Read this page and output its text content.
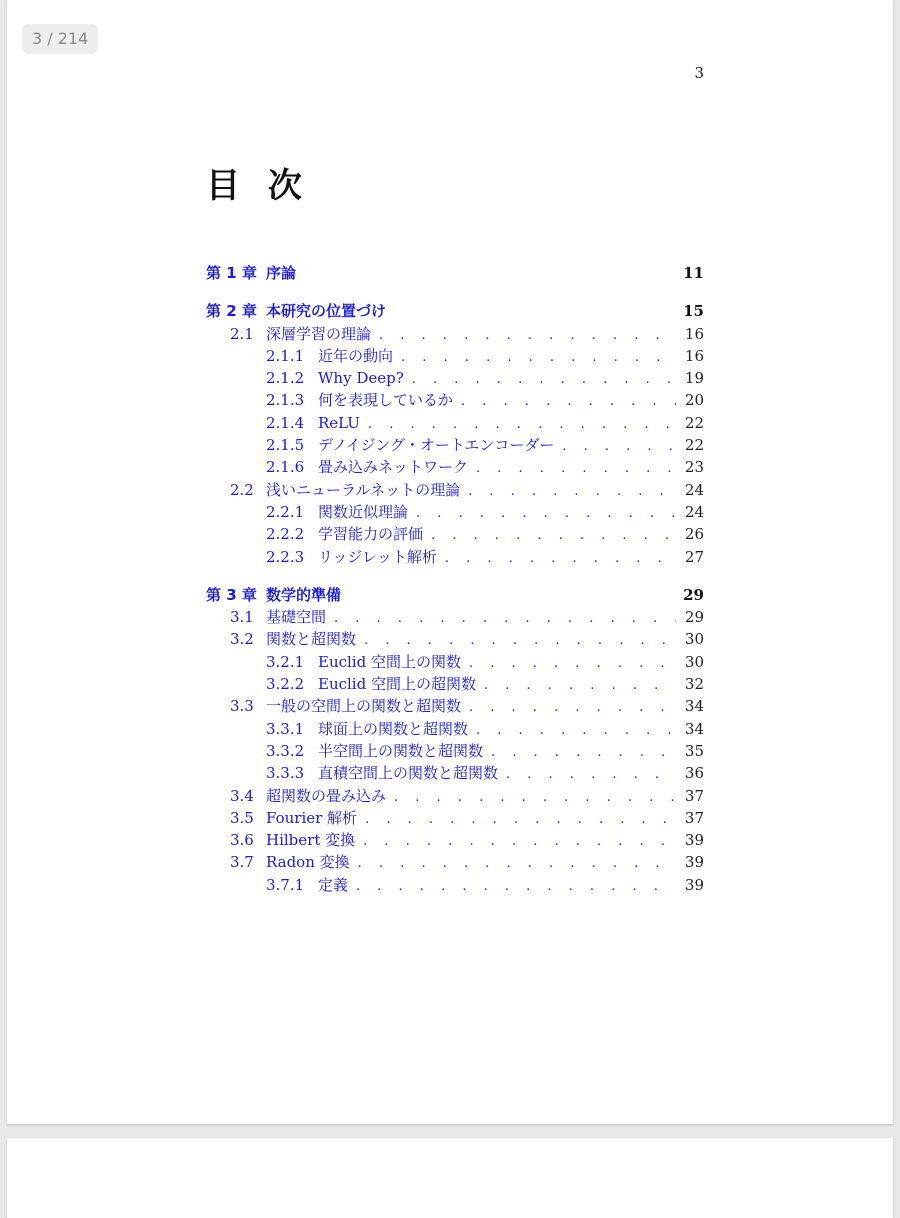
3 / 214
3
目 次
第 1 章 序論	11
第 2 章 本研究の位置づけ	15
2.1 深層学習の理論 . . .	16
2.1.1 近年の動向 . . .	16
2.1.2 Why Deep? . . .	19
2.1.3 何を表現しているか . . .	20
2.1.4 ReLU . . .	22
2.1.5 デノイジング・オートエンコーダー . . .	22
2.1.6 畳み込みネットワーク . . .	23
2.2 浅いニューラルネットの理論 . . .	24
2.2.1 関数近似理論 . . .	24
2.2.2 学習能力の評価 . . .	26
2.2.3 リッジレット解析 . . .	27
第 3 章 数学的準備	29
3.1 基礎空間 . . .	29
3.2 関数と超関数 . . .	30
3.2.1 Euclid 空間上の関数 . . .	30
3.2.2 Euclid 空間上の超関数 . . .	32
3.3 一般の空間上の関数と超関数 . . .	34
3.3.1 球面上の関数と超関数 . . .	34
3.3.2 半空間上の関数と超関数 . . .	35
3.3.3 直積空間上の関数と超関数 . . .	36
3.4 超関数の畳み込み . . .	37
3.5 Fourier 解析 . . .	37
3.6 Hilbert 変換 . . .	39
3.7 Radon 変換 . . .	39
3.7.1 定義 . . .	39
